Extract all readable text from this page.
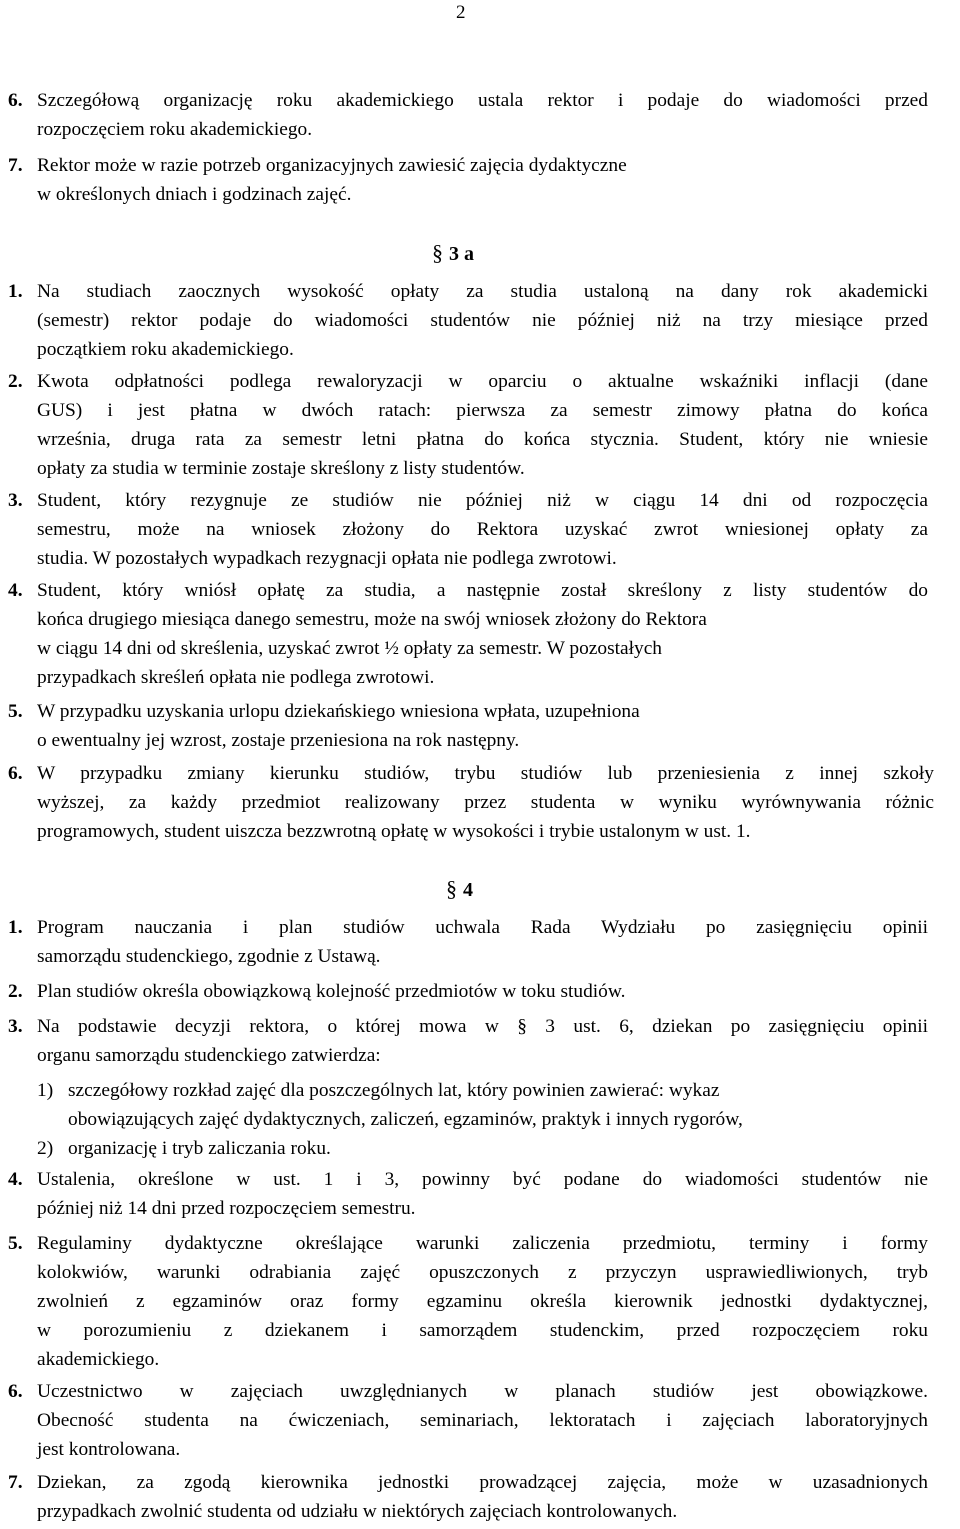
2
6. Szczegółową organizację roku akademickiego ustala rektor i podaje do wiadomości przed
rozpoczęciem roku akademickiego.
7. Rektor może w razie potrzeb organizacyjnych zawiesić zajęcia dydaktyczne
w określonych dniach i godzinach zajęć.
§ 3 a
1. Na studiach zaocznych wysokość opłaty za studia ustaloną na dany rok akademicki
(semestr) rektor podaje do wiadomości studentów nie później niż na trzy miesiące przed
początkiem roku akademickiego.
2. Kwota odpłatności podlega rewaloryzacji w oparciu o aktualne wskaźniki inflacji (dane
GUS) i jest płatna w dwóch ratach: pierwsza za semestr zimowy płatna do końca
września, druga rata za semestr letni płatna do końca stycznia. Student, który nie wniesie
opłaty za studia w terminie zostaje skreślony z listy studentów.
3. Student, który rezygnuje ze studiów nie później niż w ciągu 14 dni od rozpoczęcia
semestru, może na wniosek złożony do Rektora uzyskać zwrot wniesionej opłaty za
studia. W pozostałych wypadkach rezygnacji opłata nie podlega zwrotowi.
4. Student, który wniósł opłatę za studia, a następnie został skreślony z listy studentów do
końca drugiego miesiąca danego semestru, może na swój wniosek złożony do Rektora
w ciągu 14 dni od skreślenia, uzyskać zwrot ½ opłaty za semestr. W pozostałych
przypadkach skreśleń opłata nie podlega zwrotowi.
5. W przypadku uzyskania urlopu dziekańskiego wniesiona wpłata, uzupełniona
o ewentualny jej wzrost, zostaje przeniesiona na rok następny.
6. W przypadku zmiany kierunku studiów, trybu studiów lub przeniesienia z innej szkoły
wyższej, za każdy przedmiot realizowany przez studenta w wyniku wyrównywania różnic
programowych, student uiszcza bezzwrotną opłatę w wysokości i trybie ustalonym w ust. 1.
§ 4
1. Program nauczania i plan studiów uchwala Rada Wydziału po zasięgnięciu opinii
samorządu studenckiego, zgodnie z Ustawą.
2. Plan studiów określa obowiązkową kolejność przedmiotów w toku studiów.
3. Na podstawie decyzji rektora, o której mowa w § 3 ust. 6, dziekan po zasięgnięciu opinii
organu samorządu studenckiego zatwierdza:
1) szczegółowy rozkład zajęć dla poszczególnych lat, który powinien zawierać: wykaz
obowiązujących zajęć dydaktycznych, zaliczeń, egzaminów, praktyk i innych rygorów,
2) organizację i tryb zaliczania roku.
4. Ustalenia, określone w ust. 1 i 3, powinny być podane do wiadomości studentów nie
później niż 14 dni przed rozpoczęciem semestru.
5. Regulaminy dydaktyczne określające warunki zaliczenia przedmiotu, terminy i formy
kolokwiów, warunki odrabiania zajęć opuszczonych z przyczyn usprawiedliwionych, tryb
zwolnień z egzaminów oraz formy egzaminu określa kierownik jednostki dydaktycznej,
w porozumieniu z dziekanem i samorządem studenckim, przed rozpoczęciem roku
akademickiego.
6. Uczestnictwo w zajęciach uwzględnianych w planach studiów jest obowiązkowe.
Obecność studenta na ćwiczeniach, seminariach, lektoratach i zajęciach laboratoryjnych
jest kontrolowana.
7. Dziekan, za zgodą kierownika jednostki prowadzącej zajęcia, może w uzasadnionych
przypadkach zwolnić studenta od udziału w niektórych zajęciach kontrolowanych.
